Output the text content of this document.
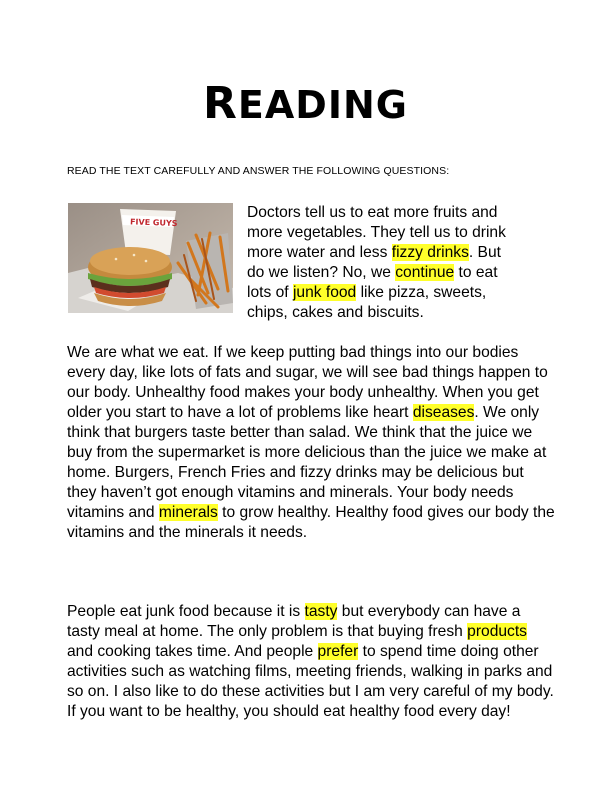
READING
READ THE TEXT CAREFULLY AND ANSWER THE FOLLOWING QUESTIONS:
FIVE GUYS

Doctors tell us to eat more fruits and
more vegetables. They tell us to drink
more water and less fizzy drinks. But
do we listen? No, we continue to eat
lots of junk food like pizza, sweets,
chips, cakes and biscuits.

We are what we eat. If we keep putting bad things into our bodies every day, like lots of fats and sugar, we will see bad things happen to our body. Unhealthy food makes your body unhealthy. When you get older you start to have a lot of problems like heart diseases. We only think that burgers taste better than salad. We think that the juice we buy from the supermarket is more delicious than the juice we make at home. Burgers, French Fries and fizzy drinks may be delicious but they haven’t got enough vitamins and minerals. Your body needs vitamins and minerals to grow healthy. Healthy food gives our body the vitamins and the minerals it needs.

People eat junk food because it is tasty but everybody can have a tasty meal at home. The only problem is that buying fresh products and cooking takes time. And people prefer to spend time doing other activities such as watching films, meeting friends, walking in parks and so on. I also like to do these activities but I am very careful of my body. If you want to be healthy, you should eat healthy food every day!
